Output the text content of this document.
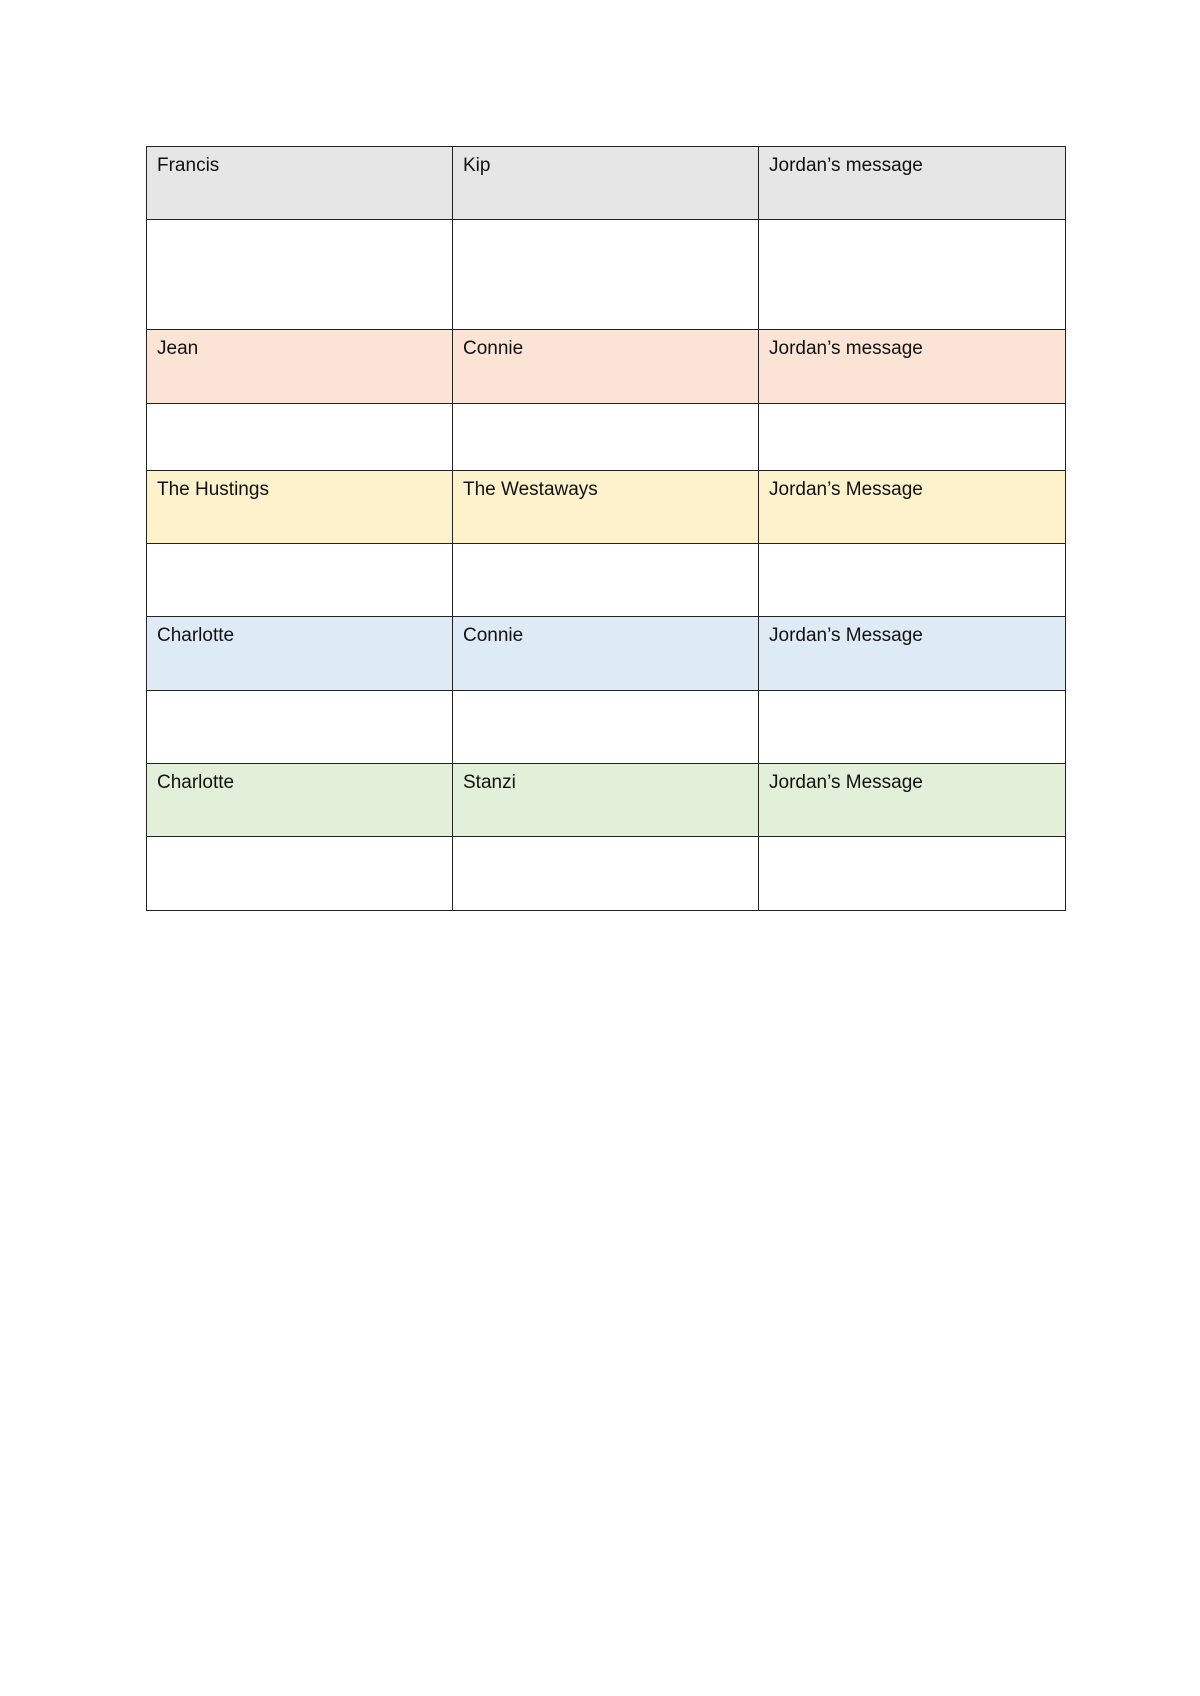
Francis	Kip	Jordan’s message

Jean	Connie	Jordan’s message

The Hustings	The Westaways	Jordan’s Message

Charlotte	Connie	Jordan’s Message

Charlotte	Stanzi	Jordan’s Message
